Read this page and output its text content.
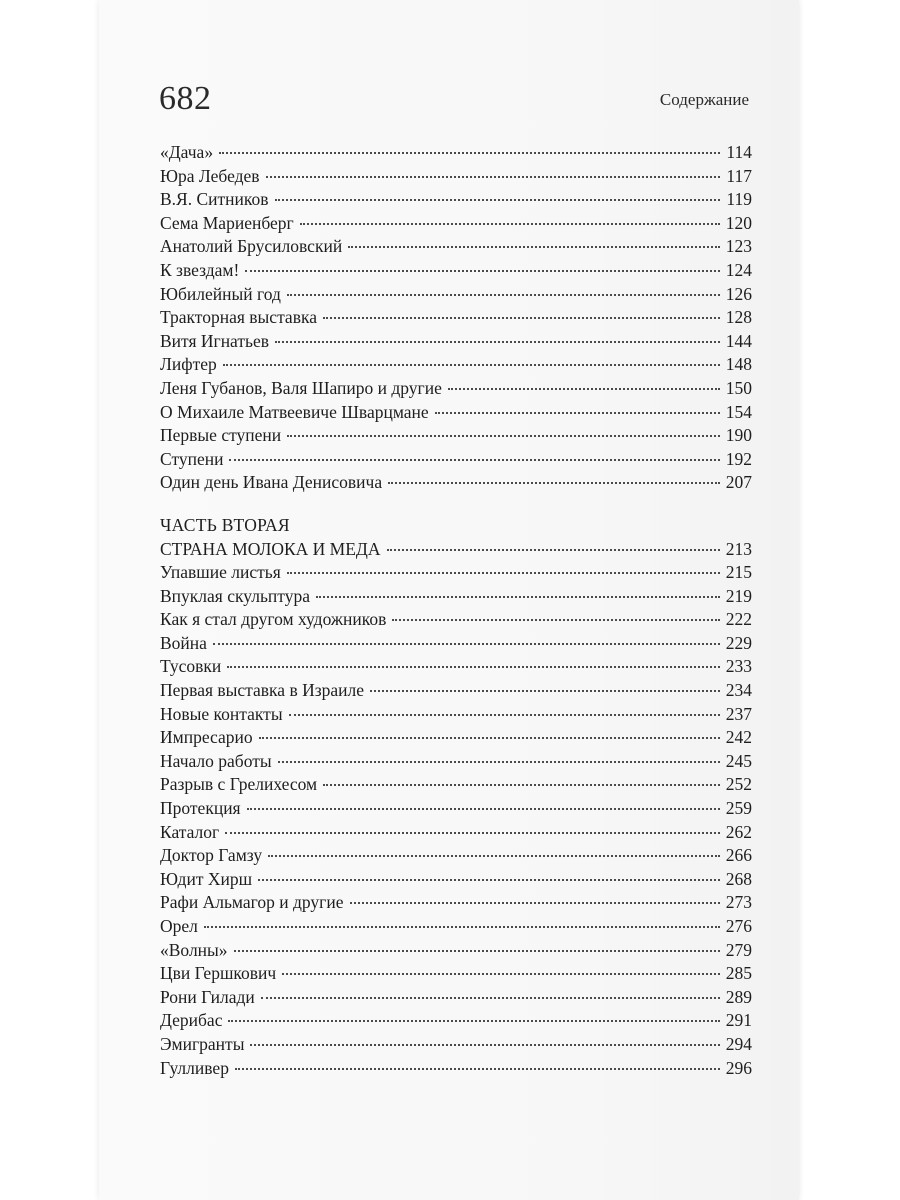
682	Содержание
«Дача»	114
Юра Лебедев	117
В.Я. Ситников	119
Сема Мариенберг	120
Анатолий Брусиловский	123
К звездам!	124
Юбилейный год	126
Тракторная выставка	128
Витя Игнатьев	144
Лифтер	148
Леня Губанов, Валя Шапиро и другие	150
О Михаиле Матвеевиче Шварцмане	154
Первые ступени	190
Ступени	192
Один день Ивана Денисовича	207
ЧАСТЬ ВТОРАЯ
СТРАНА МОЛОКА И МЕДА	213
Упавшие листья	215
Впуклая скульптура	219
Как я стал другом художников	222
Война	229
Тусовки	233
Первая выставка в Израиле	234
Новые контакты	237
Импресарио	242
Начало работы	245
Разрыв с Грелихесом	252
Протекция	259
Каталог	262
Доктор Гамзу	266
Юдит Хирш	268
Рафи Альмагор и другие	273
Орел	276
«Волны»	279
Цви Гершкович	285
Рони Гилади	289
Дерибас	291
Эмигранты	294
Гулливер	296
